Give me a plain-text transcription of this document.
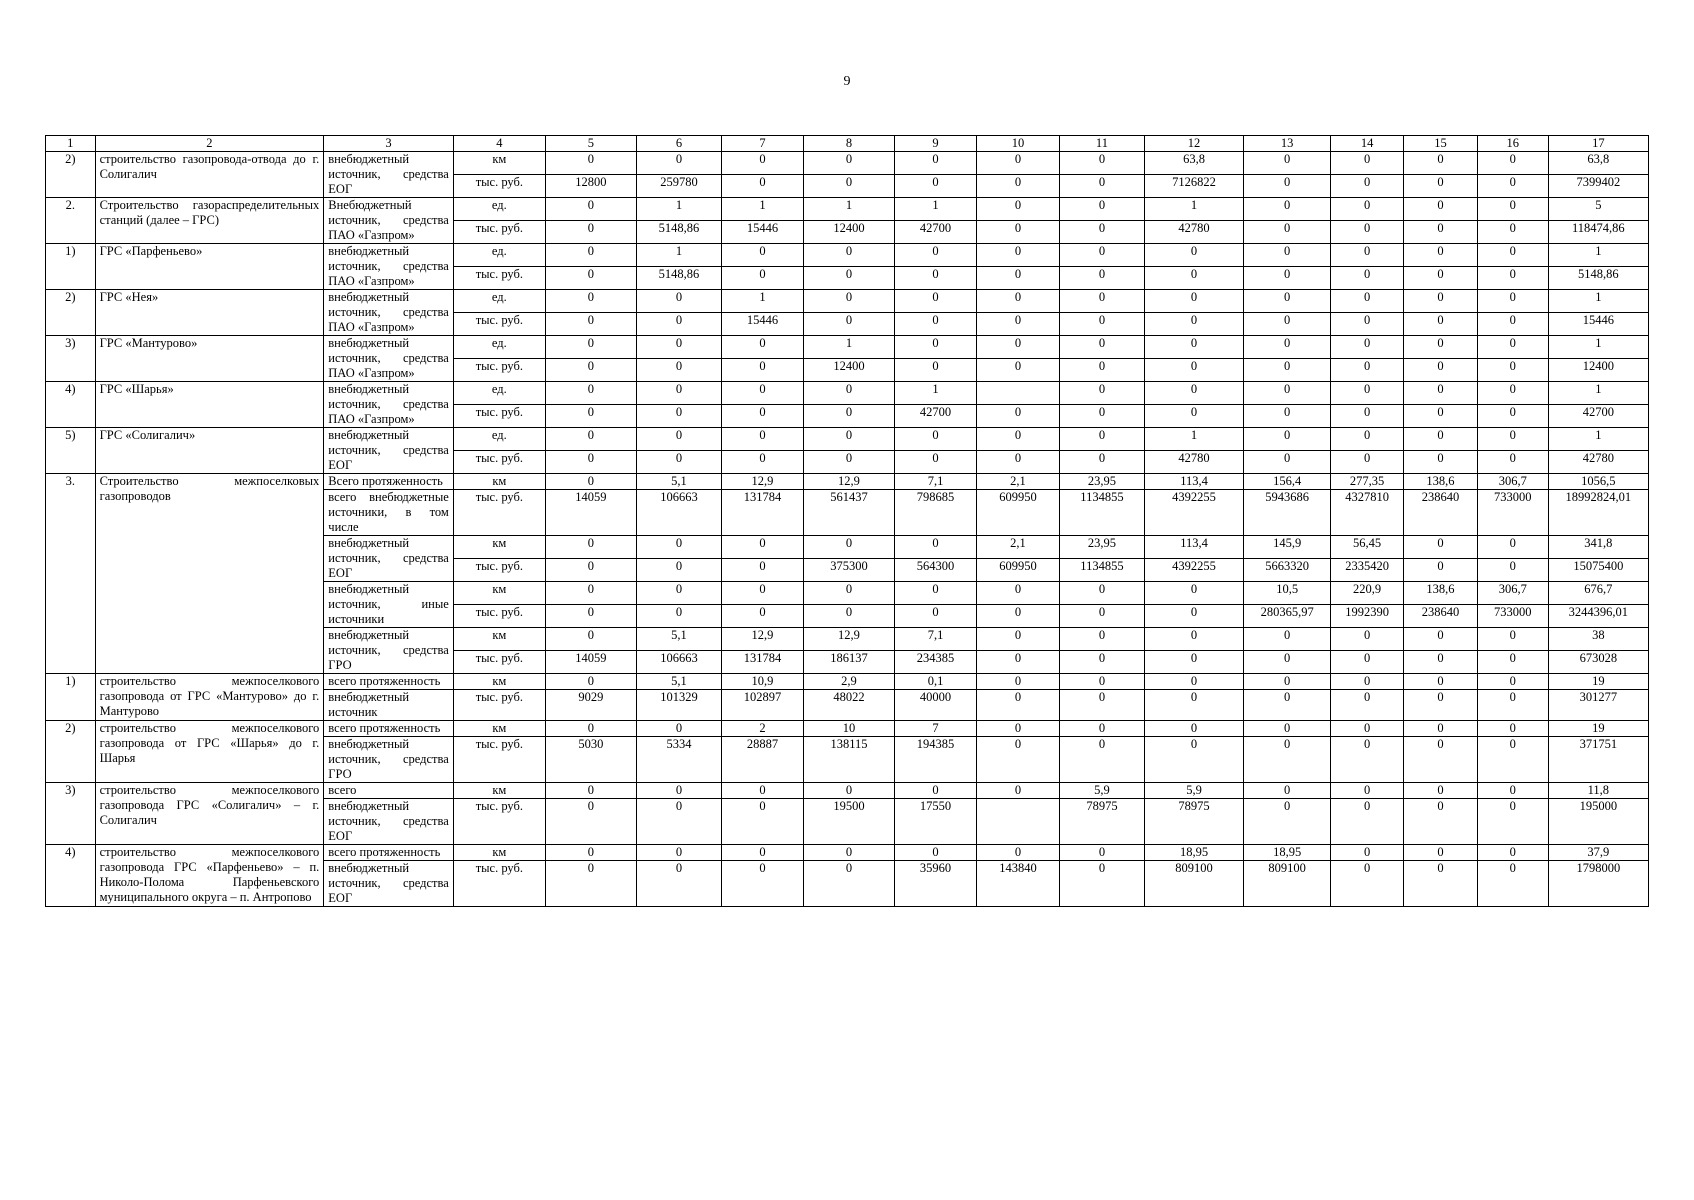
9
1	2	3	4	5	6	7	8	9	10	11	12	13	14	15	16	17
2)	строительство газопровода-отвода до г. Солигалич	внебюджетный источник, средства ЕОГ	км	0	0	0	0	0	0	0	63,8	0	0	0	0	63,8
			тыс. руб.	12800	259780	0	0	0	0	0	7126822	0	0	0	0	7399402
2.	Строительство газораспределительных станций (далее – ГРС)	Внебюджетный источник, средства ПАО «Газпром»	ед.	0	1	1	1	1	0	0	1	0	0	0	0	5
			тыс. руб.	0	5148,86	15446	12400	42700	0	0	42780	0	0	0	0	118474,86
1)	ГРС «Парфеньево»	внебюджетный источник, средства ПАО «Газпром»	ед.	0	1	0	0	0	0	0	0	0	0	0	0	1
			тыс. руб.	0	5148,86	0	0	0	0	0	0	0	0	0	0	5148,86
2)	ГРС «Нея»	внебюджетный источник, средства ПАО «Газпром»	ед.	0	0	1	0	0	0	0	0	0	0	0	0	1
			тыс. руб.	0	0	15446	0	0	0	0	0	0	0	0	0	15446
3)	ГРС «Мантурово»	внебюджетный источник, средства ПАО «Газпром»	ед.	0	0	0	1	0	0	0	0	0	0	0	0	1
			тыс. руб.	0	0	0	12400	0	0	0	0	0	0	0	0	12400
4)	ГРС «Шарья»	внебюджетный источник, средства ПАО «Газпром»	ед.	0	0	0	0	1		0	0	0	0	0	0	1
			тыс. руб.	0	0	0	0	42700	0	0	0	0	0	0	0	42700
5)	ГРС «Солигалич»	внебюджетный источник, средства ЕОГ	ед.	0	0	0	0	0	0	0	1	0	0	0	0	1
			тыс. руб.	0	0	0	0	0	0	0	42780	0	0	0	0	42780
3.	Строительство межпоселковых газопроводов	Всего протяженность	км	0	5,1	12,9	12,9	7,1	2,1	23,95	113,4	156,4	277,35	138,6	306,7	1056,5
		всего внебюджетные источники, в том числе	тыс. руб.	14059	106663	131784	561437	798685	609950	1134855	4392255	5943686	4327810	238640	733000	18992824,01
		внебюджетный источник, средства ЕОГ	км	0	0	0	0	0	2,1	23,95	113,4	145,9	56,45	0	0	341,8
			тыс. руб.	0	0	0	375300	564300	609950	1134855	4392255	5663320	2335420	0	0	15075400
		внебюджетный источник, иные источники	км	0	0	0	0	0	0	0	0	10,5	220,9	138,6	306,7	676,7
			тыс. руб.	0	0	0	0	0	0	0	0	280365,97	1992390	238640	733000	3244396,01
		внебюджетный источник, средства ГРО	км	0	5,1	12,9	12,9	7,1	0	0	0	0	0	0	0	38
			тыс. руб.	14059	106663	131784	186137	234385	0	0	0	0	0	0	0	673028
1)	строительство межпоселкового газопровода от ГРС «Мантурово» до г. Мантурово	всего протяженность	км	0	5,1	10,9	2,9	0,1	0	0	0	0	0	0	0	19
		внебюджетный источник	тыс. руб.	9029	101329	102897	48022	40000	0	0	0	0	0	0	0	301277
2)	строительство межпоселкового газопровода от ГРС «Шарья» до г. Шарья	всего протяженность	км	0	0	2	10	7	0	0	0	0	0	0	0	19
		внебюджетный источник, средства ГРО	тыс. руб.	5030	5334	28887	138115	194385	0	0	0	0	0	0	0	371751
3)	строительство межпоселкового газопровода ГРС «Солигалич» – г. Солигалич	всего	км	0	0	0	0	0	0	5,9	5,9	0	0	0	0	11,8
		внебюджетный источник, средства ЕОГ	тыс. руб.	0	0	0	19500	17550		78975	78975	0	0	0	0	195000
4)	строительство межпоселкового газопровода ГРС «Парфеньево» – п. Николо-Полома Парфеньевского муниципального округа – п. Антропово	всего протяженность	км	0	0	0	0	0	0	0	18,95	18,95	0	0	0	37,9
		внебюджетный источник, средства ЕОГ	тыс. руб.	0	0	0	0	35960	143840	0	809100	809100	0	0	0	1798000
